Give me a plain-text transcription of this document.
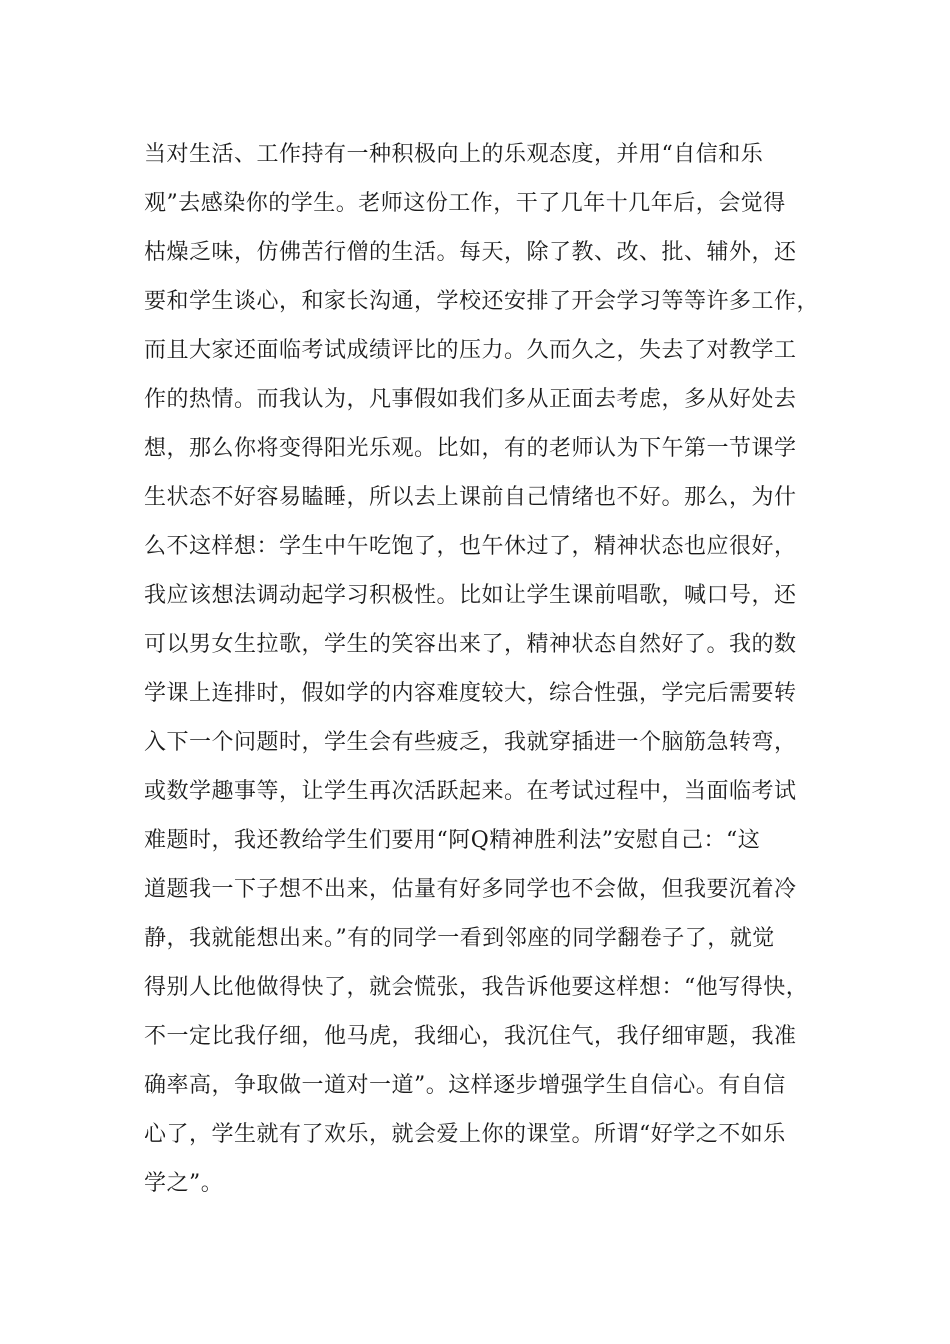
当对生活、工作持有一种积极向上的乐观态度，并用“自信和乐
观”去感染你的学生。老师这份工作，干了几年十几年后，会觉得
枯燥乏味，仿佛苦行僧的生活。每天，除了教、改、批、辅外，还
要和学生谈心，和家长沟通，学校还安排了开会学习等等许多工作，
而且大家还面临考试成绩评比的压力。久而久之，失去了对教学工
作的热情。而我认为，凡事假如我们多从正面去考虑，多从好处去
想，那么你将变得阳光乐观。比如，有的老师认为下午第一节课学
生状态不好容易瞌睡，所以去上课前自己情绪也不好。那么，为什
么不这样想：学生中午吃饱了，也午休过了，精神状态也应很好，
我应该想法调动起学习积极性。比如让学生课前唱歌，喊口号，还
可以男女生拉歌，学生的笑容出来了，精神状态自然好了。我的数
学课上连排时，假如学的内容难度较大，综合性强，学完后需要转
入下一个问题时，学生会有些疲乏，我就穿插进一个脑筋急转弯，
或数学趣事等，让学生再次活跃起来。在考试过程中，当面临考试
难题时，我还教给学生们要用“阿Q精神胜利法”安慰自己：“这
道题我一下子想不出来，估量有好多同学也不会做，但我要沉着冷
静，我就能想出来。”有的同学一看到邻座的同学翻卷子了，就觉
得别人比他做得快了，就会慌张，我告诉他要这样想：“他写得快，
不一定比我仔细，他马虎，我细心，我沉住气，我仔细审题，我准
确率高，争取做一道对一道”。这样逐步增强学生自信心。有自信
心了，学生就有了欢乐，就会爱上你的课堂。所谓“好学之不如乐
学之”。
